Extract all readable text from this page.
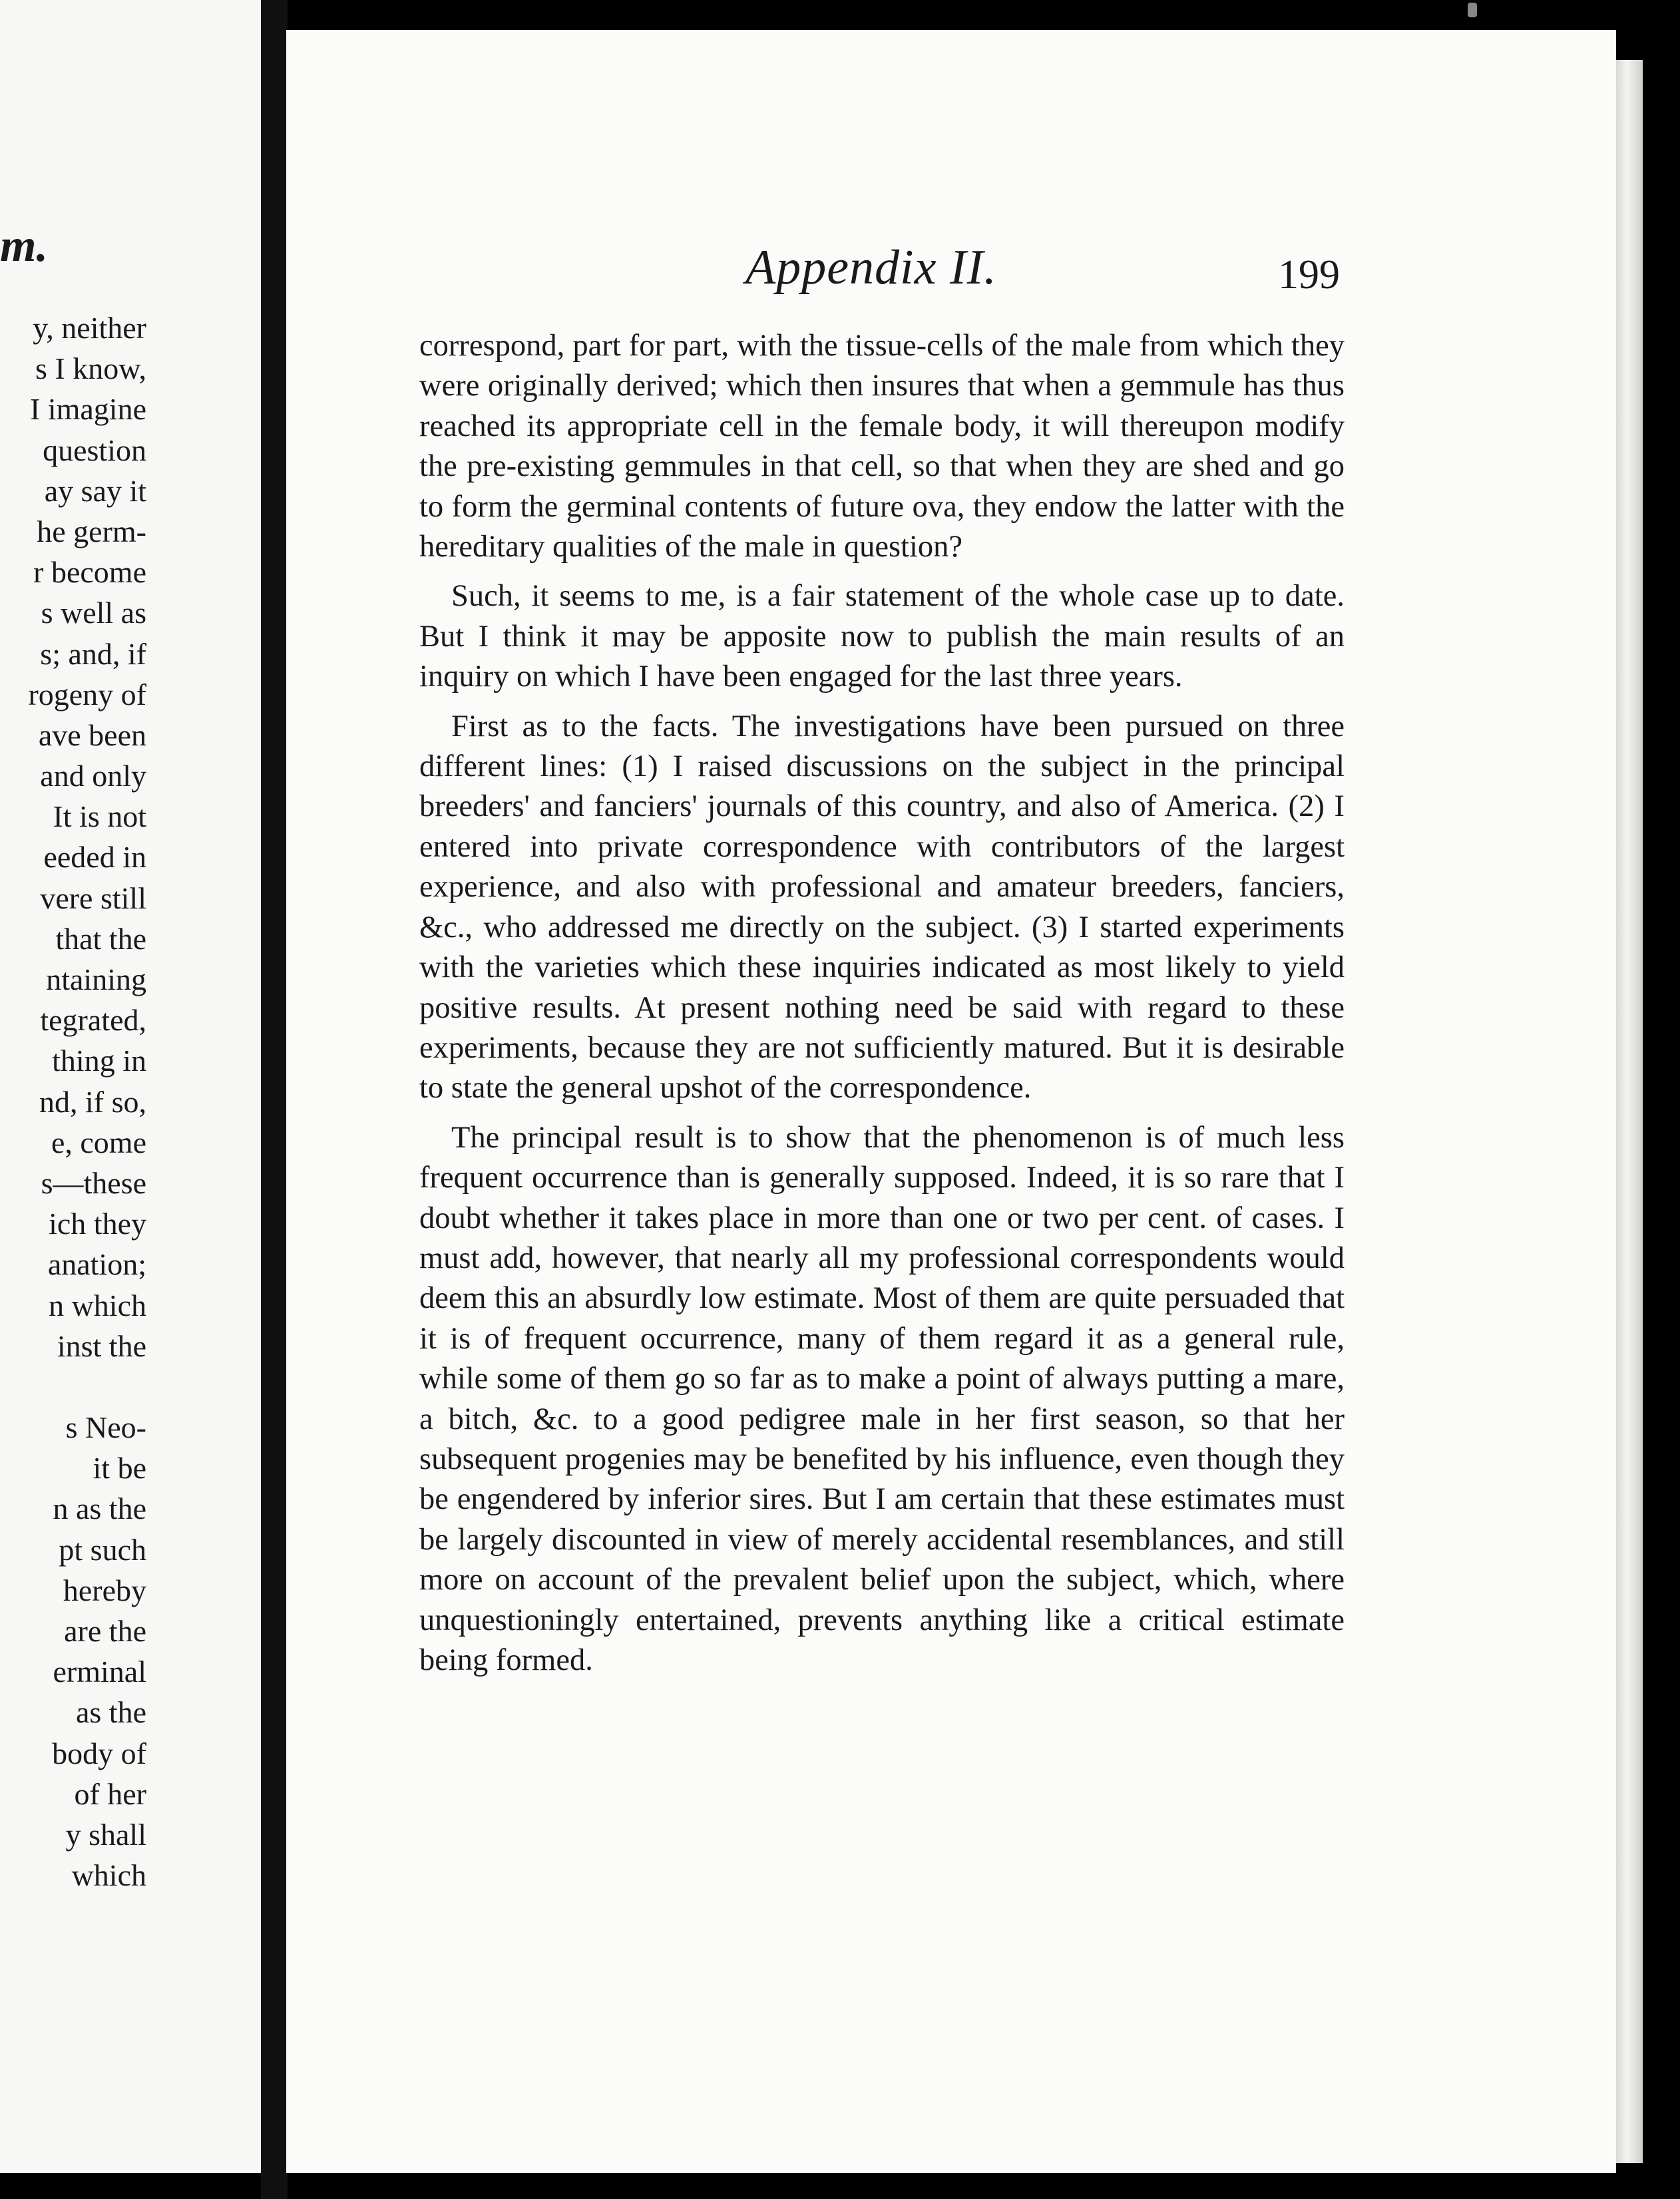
m.
y, neither
s I know,
I imagine
question
ay say it
he germ-
r become
s well as
s; and, if
rogeny of
ave been
and only
It is not
eeded in
vere still
that the
ntaining
tegrated,
thing in
nd, if so,
e, come
s—these
ich they
anation;
n which
inst the
s Neo-
it be
n as the
pt such
hereby
are the
erminal
as the
body of
of her
y shall
which
Appendix II.	199

correspond, part for part, with the tissue-cells of the male from which they were originally derived; which then insures that when a gemmule has thus reached its appropriate cell in the female body, it will thereupon modify the pre-existing gemmules in that cell, so that when they are shed and go to form the germinal contents of future ova, they endow the latter with the hereditary qualities of the male in question?

Such, it seems to me, is a fair statement of the whole case up to date. But I think it may be apposite now to publish the main results of an inquiry on which I have been engaged for the last three years.

First as to the facts. The investigations have been pursued on three different lines: (1) I raised discussions on the subject in the principal breeders' and fanciers' journals of this country, and also of America. (2) I entered into private correspondence with contributors of the largest experience, and also with professional and amateur breeders, fanciers, &c., who addressed me directly on the subject. (3) I started experiments with the varieties which these inquiries indicated as most likely to yield positive results. At present nothing need be said with regard to these experiments, because they are not sufficiently matured. But it is desirable to state the general upshot of the correspondence.

The principal result is to show that the phenomenon is of much less frequent occurrence than is generally supposed. Indeed, it is so rare that I doubt whether it takes place in more than one or two per cent. of cases. I must add, however, that nearly all my professional correspondents would deem this an absurdly low estimate. Most of them are quite persuaded that it is of frequent occurrence, many of them regard it as a general rule, while some of them go so far as to make a point of always putting a mare, a bitch, &c. to a good pedigree male in her first season, so that her subsequent progenies may be benefited by his influence, even though they be engendered by inferior sires. But I am certain that these estimates must be largely discounted in view of merely accidental resemblances, and still more on account of the prevalent belief upon the subject, which, where unquestioningly entertained, prevents anything like a critical estimate being formed.
